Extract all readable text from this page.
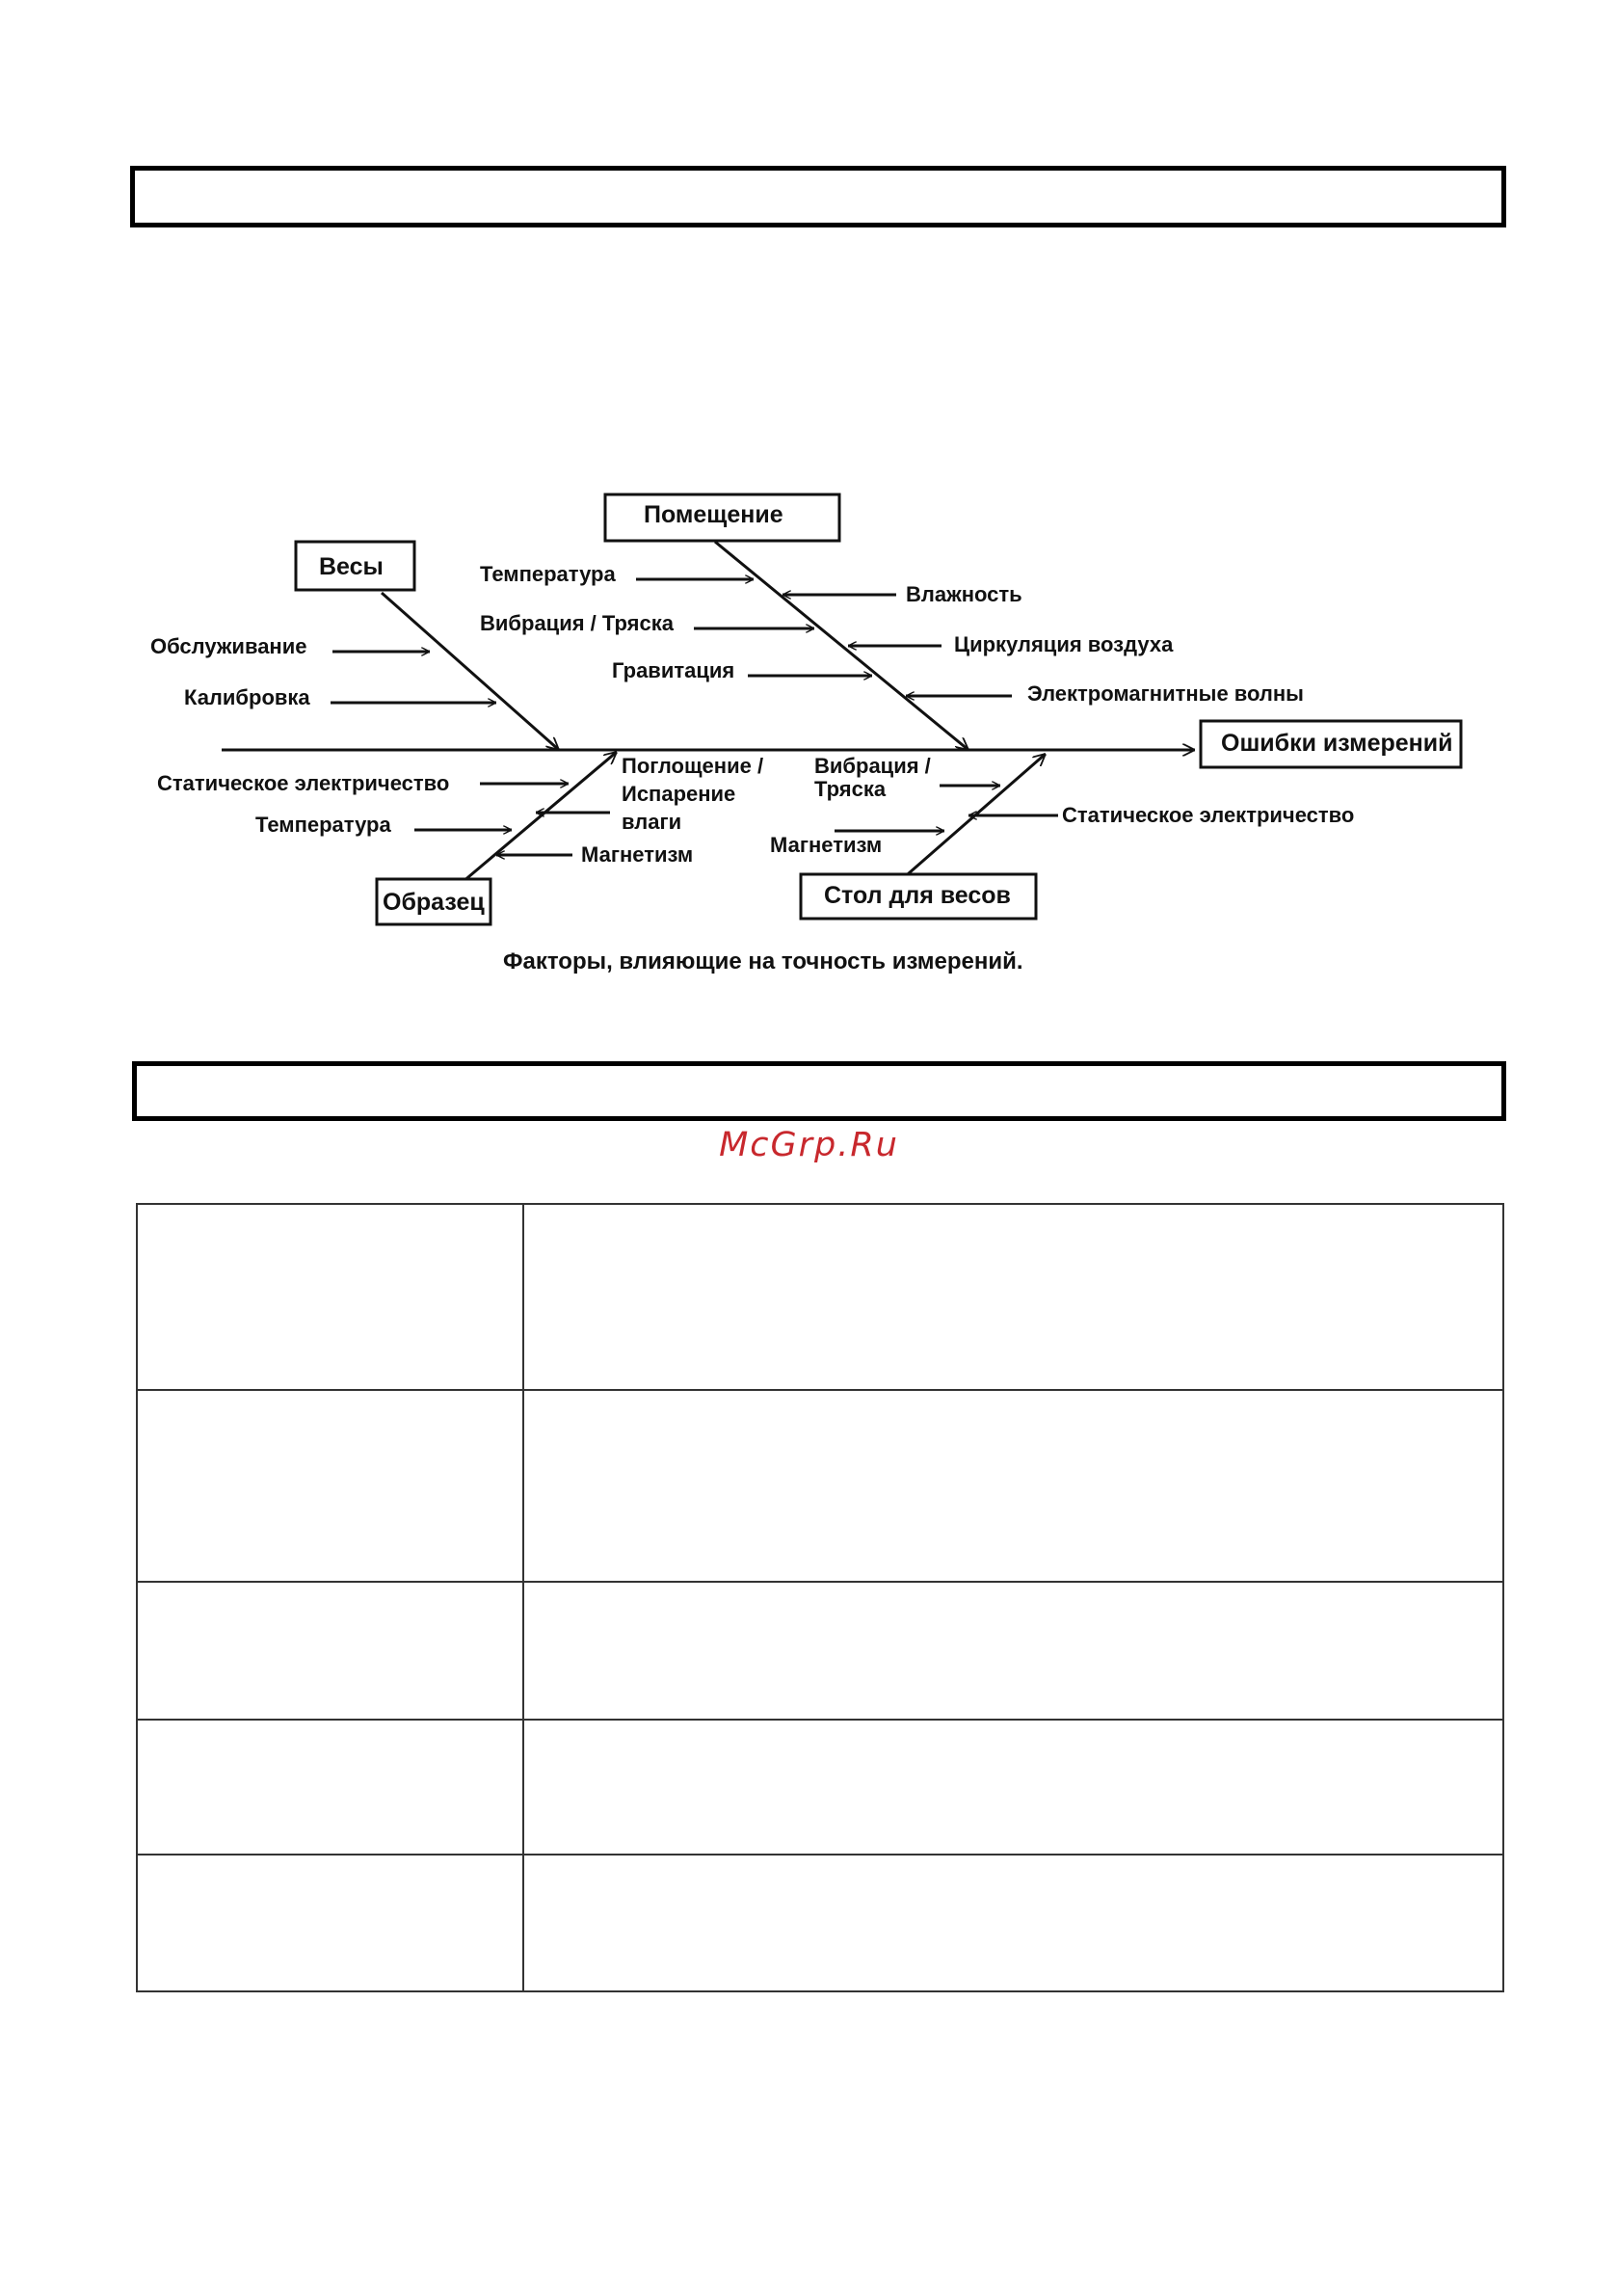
Весы
Помещение
Образец	Стол для весов
Ошибки измерений
Обслуживание
Калибровка
Температура
Вибрация / Тряска
Гравитация
Влажность
Циркуляция воздуха
Электромагнитные волны
Статическое электричество
Температура
Поглощение /
Испарение
влаги
Магнетизм
Вибрация /
Тряска
Магнетизм
Статическое электричество
Факторы, влияющие на точность измерений.
McGrp.Ru
